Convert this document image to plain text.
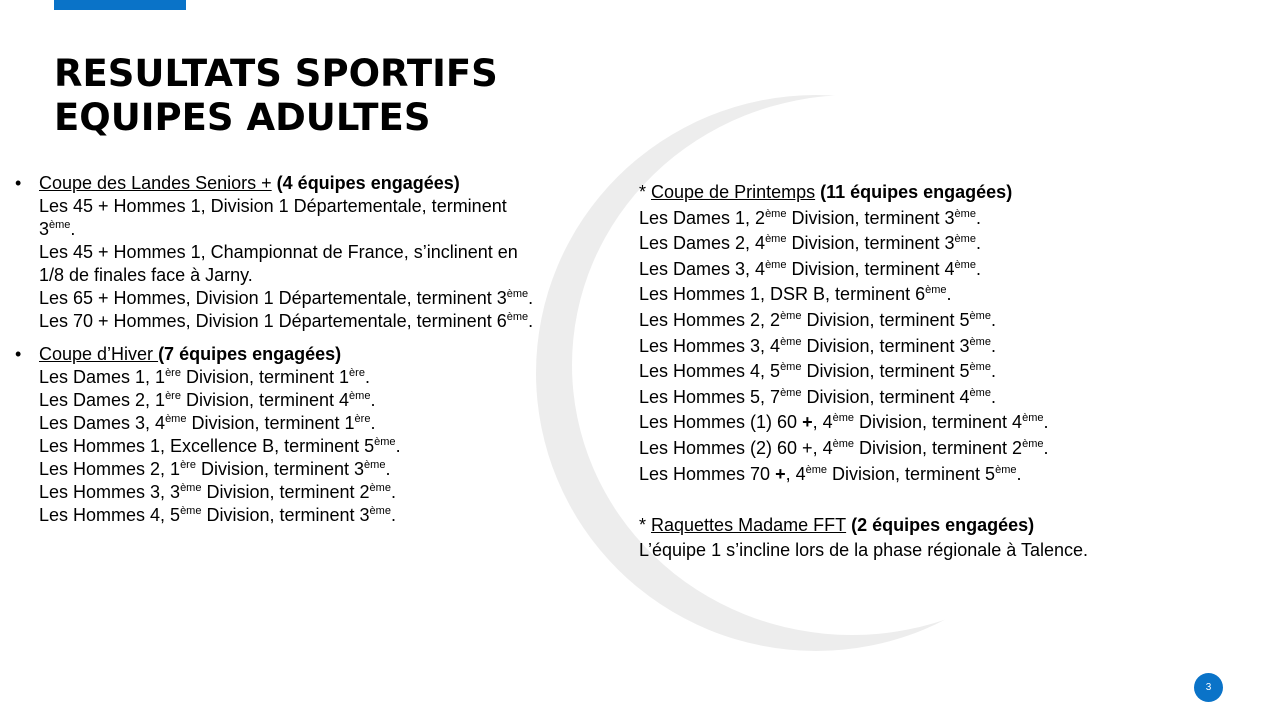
RESULTATS SPORTIFS
EQUIPES ADULTES
• Coupe des Landes Seniors + (4 équipes engagées)
Les 45 + Hommes 1, Division 1 Départementale, terminent 3ème.
Les 45 + Hommes 1, Championnat de France, s’inclinent en 1/8 de finales face à Jarny.
Les 65 + Hommes, Division 1 Départementale, terminent 3ème.
Les 70 + Hommes, Division 1 Départementale, terminent 6ème.
• Coupe d’Hiver (7 équipes engagées)
Les Dames 1, 1ère Division, terminent 1ère.
Les Dames 2, 1ère Division, terminent 4ème.
Les Dames 3, 4ème Division, terminent 1ère.
Les Hommes 1, Excellence B, terminent 5ème.
Les Hommes 2, 1ère Division, terminent 3ème.
Les Hommes 3, 3ème Division, terminent 2ème.
Les Hommes 4, 5ème Division, terminent 3ème.
* Coupe de Printemps (11 équipes engagées)
Les Dames 1, 2ème Division, terminent 3ème.
Les Dames 2, 4ème Division, terminent 3ème.
Les Dames 3, 4ème Division, terminent 4ème.
Les Hommes 1, DSR B, terminent 6ème.
Les Hommes 2, 2ème Division, terminent 5ème.
Les Hommes 3, 4ème Division, terminent 3ème.
Les Hommes 4, 5ème Division, terminent 5ème.
Les Hommes 5, 7ème Division, terminent 4ème.
Les Hommes (1) 60 +, 4ème Division, terminent 4ème.
Les Hommes (2) 60 +, 4ème Division, terminent 2ème.
Les Hommes 70 +, 4ème Division, terminent 5ème.
* Raquettes Madame FFT (2 équipes engagées)
L’équipe 1 s’incline lors de la phase régionale à Talence.
3
